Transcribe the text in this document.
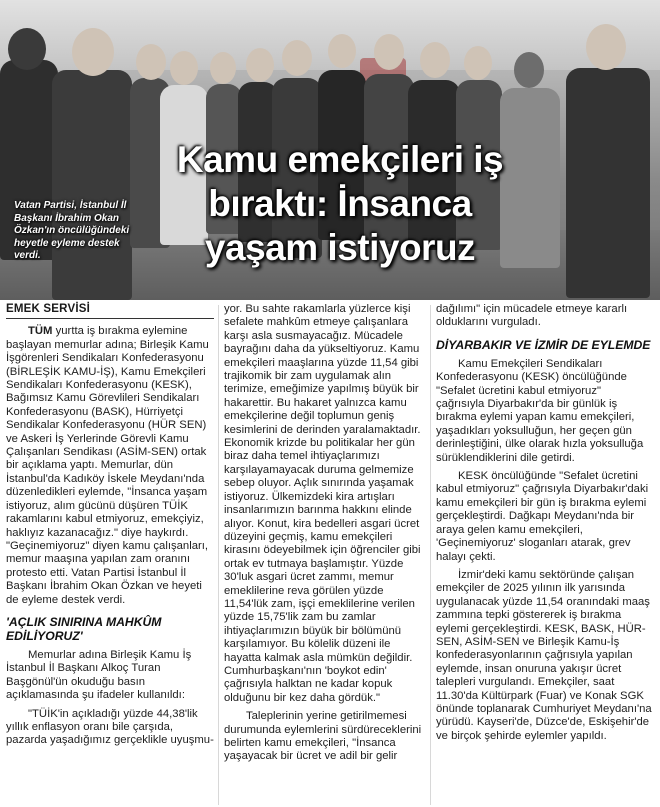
Kamu emekçileri iş bıraktı: İnsanca yaşam istiyoruz
Vatan Partisi, İstanbul İl Başkanı İbrahim Okan Özkan'ın öncülüğündeki heyetle eyleme destek verdi.
EMEK SERVİSİ

TÜM yurtta iş bırakma eylemine başlayan memurlar adına; Birleşik Kamu İşgörenleri Sendikaları Konfederasyonu (BİRLEŞİK KAMU-İŞ), Kamu Emekçileri Sendikaları Konfederasyonu (KESK), Bağımsız Kamu Görevlileri Sendikaları Konfederasyonu (BASK), Hürriyetçi Sendikalar Konfederasyonu (HÜR SEN) ve Askeri İş Yerlerinde Görevli Kamu Çalışanları Sendikası (ASİM-SEN) ortak bir açıklama yaptı. Memurlar, dün İstanbul'da Kadıköy İskele Meydanı'nda düzenledikleri eylemde, "İnsanca yaşam istiyoruz, alım gücünü düşüren TÜİK rakamlarını kabul etmiyoruz, emekçiyiz, haklıyız kazanacağız." diye haykırdı. "Geçinemiyoruz" diyen kamu çalışanları, memur maaşına yapılan zam oranını protesto etti. Vatan Partisi İstanbul İl Başkanı İbrahim Okan Özkan ve heyeti de eyleme destek verdi.

'AÇLIK SINIRINA MAHKÛM EDİLİYORUZ'

Memurlar adına Birleşik Kamu İş İstanbul İl Başkanı Alkoç Turan Başgönül'ün okuduğu basın açıklamasında şu ifadeler kullanıldı:

"TÜİK'in açıkladığı yüzde 44,38'lik yıllık enflasyon oranı bile çarşıda, pazarda yaşadığımız gerçeklikle uyuşmu-

yor. Bu sahte rakamlarla yüzlerce kişi sefalete mahkûm etmeye çalışanlara karşı asla susmayacağız. Mücadele bayrağını daha da yükseltiyoruz. Kamu emekçileri maaşlarına yüzde 11,54 gibi trajikomik bir zam uygulamak alın terimize, emeğimize yapılmış büyük bir hakarettir. Bu hakaret yalnızca kamu emekçilerine değil toplumun geniş kesimlerini de derinden yaralamaktadır. Ekonomik krizde bu politikalar her gün biraz daha temel ihtiyaçlarımızı karşılayamayacak duruma gelmemize sebep oluyor. Açlık sınırında yaşamak istiyoruz. Ülkemizdeki kira artışları insanlarımızın barınma hakkını elinde alıyor. Konut, kira bedelleri asgari ücret düzeyini geçmiş, kamu emekçileri kirasını ödeyebilmek için öğrenciler gibi ortak ev tutmaya başlamıştır. Yüzde 30'luk asgari ücret zammı, memur emeklilerine reva görülen yüzde 11,54'lük zam, işçi emeklilerine verilen yüzde 15,75'lik zam bu zamlar ihtiyaçlarımızın büyük bir bölümünü karşılamıyor. Bu kölelik düzeni ile hayatta kalmak asla mümkün değildir. Cumhurbaşkanı'nın 'boykot edin' çağrısıyla halktan ne kadar kopuk olduğunu bir kez daha gördük."

Taleplerinin yerine getirilmemesi durumunda eylemlerini sürdüreceklerini belirten kamu emekçileri, "İnsanca yaşayacak bir ücret ve adil bir gelir

dağılımı" için mücadele etmeye kararlı olduklarını vurguladı.

DİYARBAKIR VE İZMİR DE EYLEMDE

Kamu Emekçileri Sendikaları Konfederasyonu (KESK) öncülüğünde "Sefalet ücretini kabul etmiyoruz" çağrısıyla Diyarbakır'da bir günlük iş bırakma eylemi yapan kamu emekçileri, yaşadıkları yoksulluğun, her geçen gün derinleştiğini, ülke olarak hızla yoksulluğa sürüklendiklerini dile getirdi.

KESK öncülüğünde "Sefalet ücretini kabul etmiyoruz" çağrısıyla Diyarbakır'daki kamu emekçileri bir gün iş bırakma eylemi gerçekleştirdi. Dağkapı Meydanı'nda bir araya gelen kamu emekçileri, 'Geçinemiyoruz' sloganları atarak, grev halayı çekti.

İzmir'deki kamu sektöründe çalışan emekçiler de 2025 yılının ilk yarısında uygulanacak yüzde 11,54 oranındaki maaş zammına tepki göstererek iş bırakma eylemi gerçekleştirdi. KESK, BASK, HÜR-SEN, ASİM-SEN ve Birleşik Kamu-İş konfederasyonlarının çağrısıyla yapılan eylemde, insan onuruna yakışır ücret talepleri vurgulandı. Emekçiler, saat 11.30'da Kültürpark (Fuar) ve Konak SGK önünde toplanarak Cumhuriyet Meydanı'na yürüdü. Kayseri'de, Düzce'de, Eskişehir'de ve birçok şehirde eylemler yapıldı.
